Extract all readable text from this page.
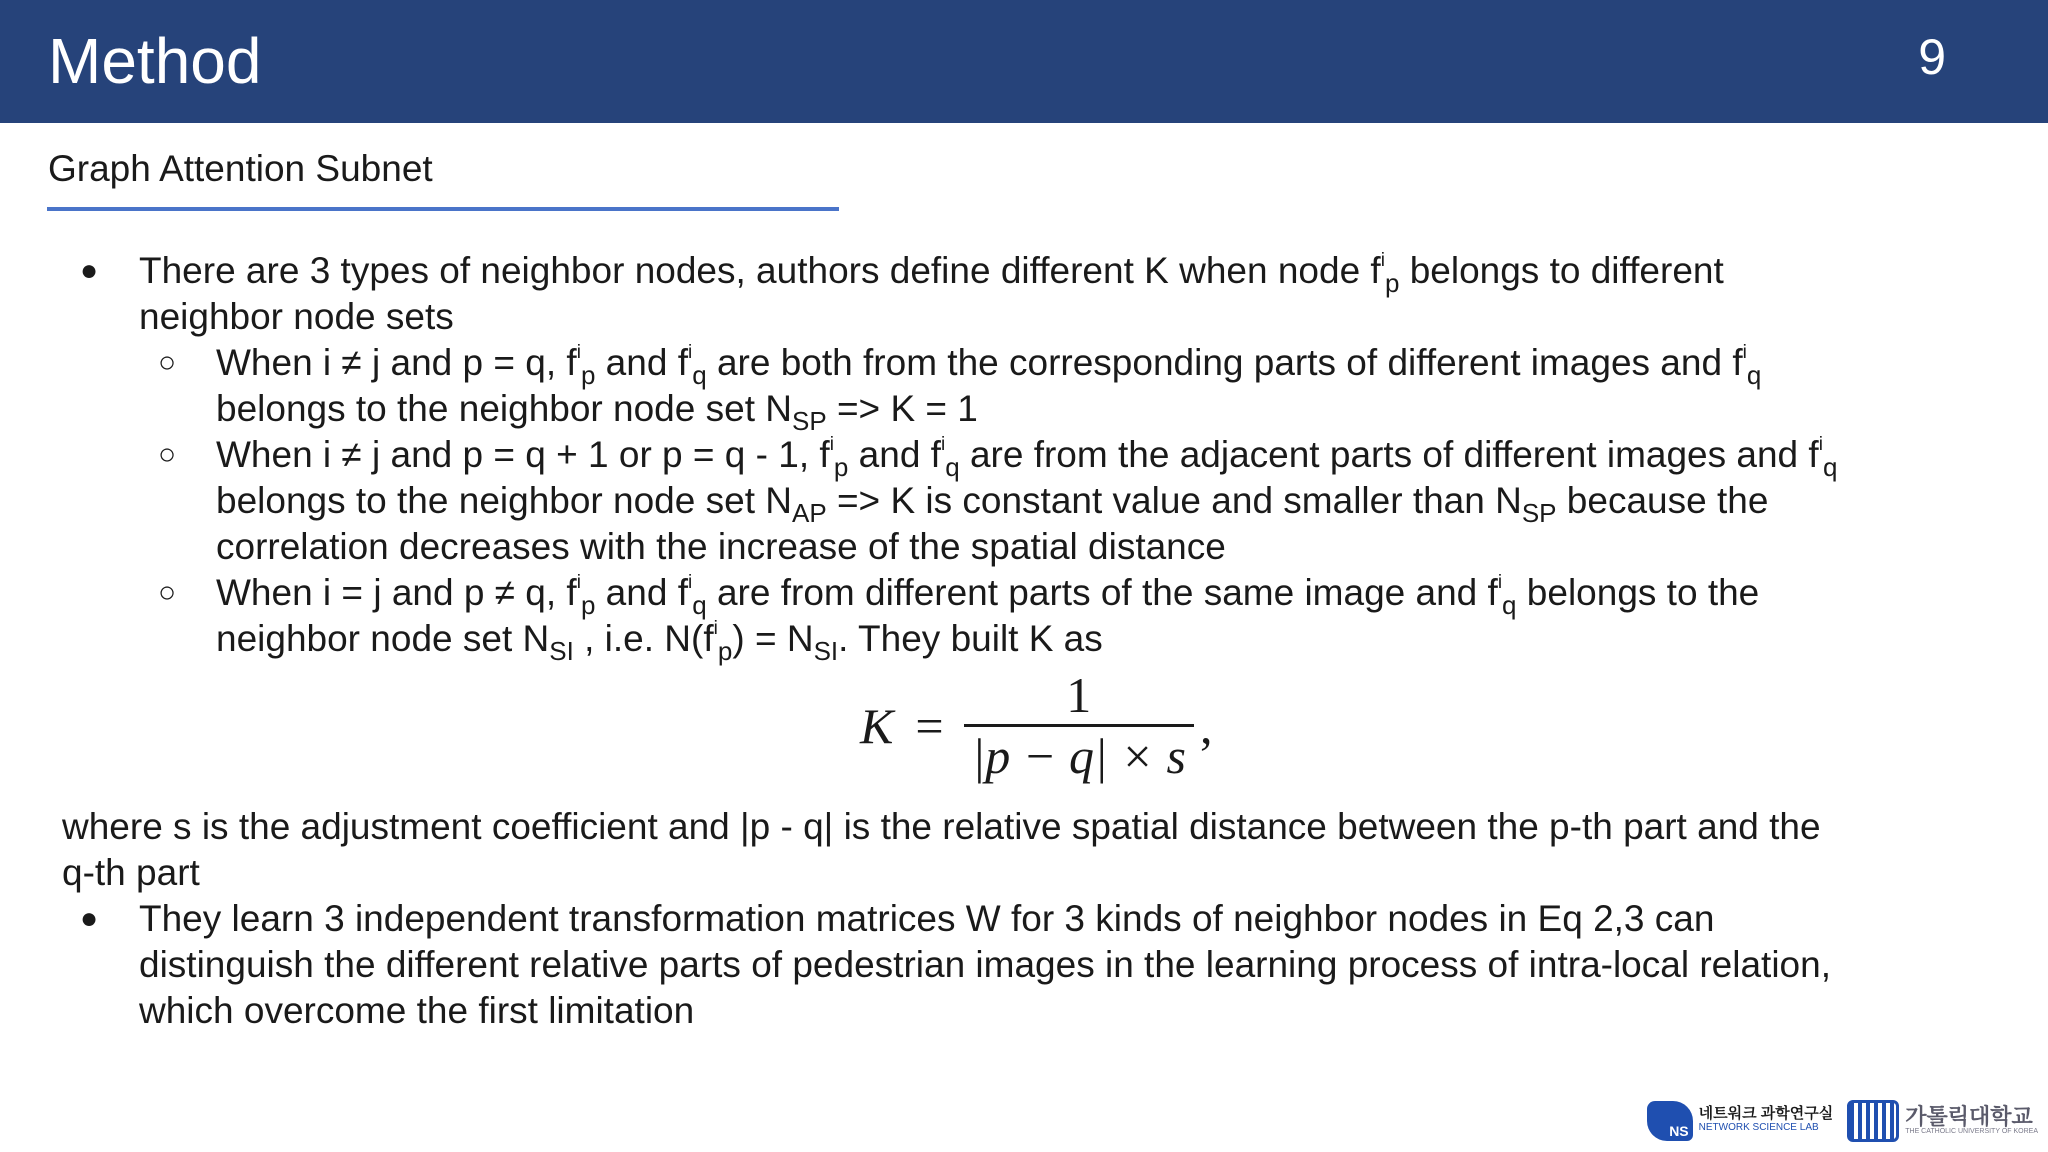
Method	9
Graph Attention Subnet
● There are 3 types of neighbor nodes, authors define different K when node $f^i_p$ belongs to different
neighbor node sets
○ When i ≠ j and p = q, $f^i_p$ and $f^i_q$ are both from the corresponding parts of different images and $f^i_q$
belongs to the neighbor node set $N_{SP} => K = 1$
○ When i ≠ j and p = q + 1 or p = q - 1, $f^i_p$ and $f^i_q$ are from the adjacent parts of different images and $f^i_q$
belongs to the neighbor node set $N_{AP} => K$ is constant value and smaller than $N_{SP}$ because the
correlation decreases with the increase of the spatial distance
○ When i = j and p ≠ q, $f^i_p$ and $f^i_q$ are from different parts of the same image and $f^i_q$ belongs to the
neighbor node set $N_{SI}$ , i.e. $N(f^i_p) = N_{SI}$. They built K as
$K = \frac{1}{|p - q| \times s}$ ,
where s is the adjustment coefficient and |p - q| is the relative spatial distance between the p-th part and the
q-th part
● They learn 3 independent transformation matrices W for 3 kinds of neighbor nodes in Eq 2,3 can
distinguish the different relative parts of pedestrian images in the learning process of intra-local relation,
which overcome the first limitation
NS
네트워크 과학연구실
NETWORK SCIENCE LAB	가톨릭대학교
THE CATHOLIC UNIVERSITY OF KOREA
